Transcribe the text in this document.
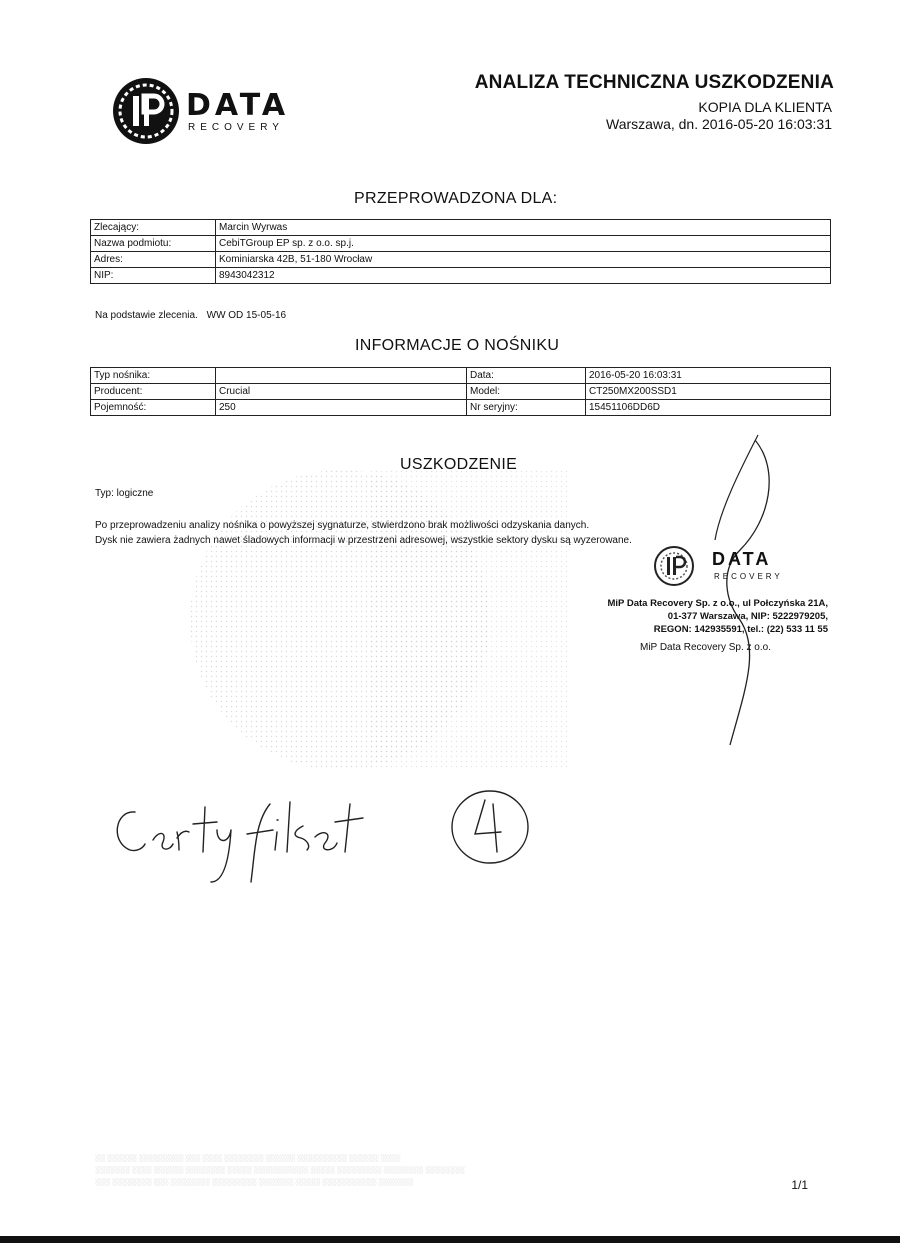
DATA
RECOVERY
ANALIZA TECHNICZNA USZKODZENIA
KOPIA DLA KLIENTA
Warszawa, dn. 2016-05-20 16:03:31
PRZEPROWADZONA DLA:
Zlecający:	Marcin Wyrwas
Nazwa podmiotu:	CebiTGroup EP sp. z o.o. sp.j.
Adres:	Kominiarska 42B, 51-180 Wrocław
NIP:	8943042312
Na podstawie zlecenia. WW OD 15-05-16
INFORMACJE O NOŚNIKU
Typ nośnika:		Data:	2016-05-20 16:03:31
Producent:	Crucial	Model:	CT250MX200SSD1
Pojemność:	250	Nr seryjny:	15451106DD6D
USZKODZENIE
Typ: logiczne
Po przeprowadzeniu analizy nośnika o powyższej sygnaturze, stwierdzono brak możliwości odzyskania danych.
Dysk nie zawiera żadnych nawet śladowych informacji w przestrzeni adresowej, wszystkie sektory dysku są wyzerowane.
DATA
RECOVERY
MiP Data Recovery Sp. z o.o., ul Połczyńska 21A,
01-377 Warszawa, NIP: 5222979205,
REGON: 142935591, tel.: (22) 533 11 55
MiP Data Recovery Sp. z o.o.
░░ ░░░░░░ ░░░░░░░░░ ░░░ ░░░░ ░░░░░░░░ ░░░░░░ ░░░░░░░░░░ ░░░░░░ ░░░░
░░░░░░░ ░░░░ ░░░░░░ ░░░░░░░░ ░░░░░ ░░░░░░░░░░░ ░░░░░ ░░░░░░░░░ ░░░░░░░░ ░░░░░░░░
░░░ ░░░░░░░░ ░░░ ░░░░░░░░ ░░░░░░░░░ ░░░░░░░ ░░░░░ ░░░░░░░░░░░ ░░░░░░░	1/1
